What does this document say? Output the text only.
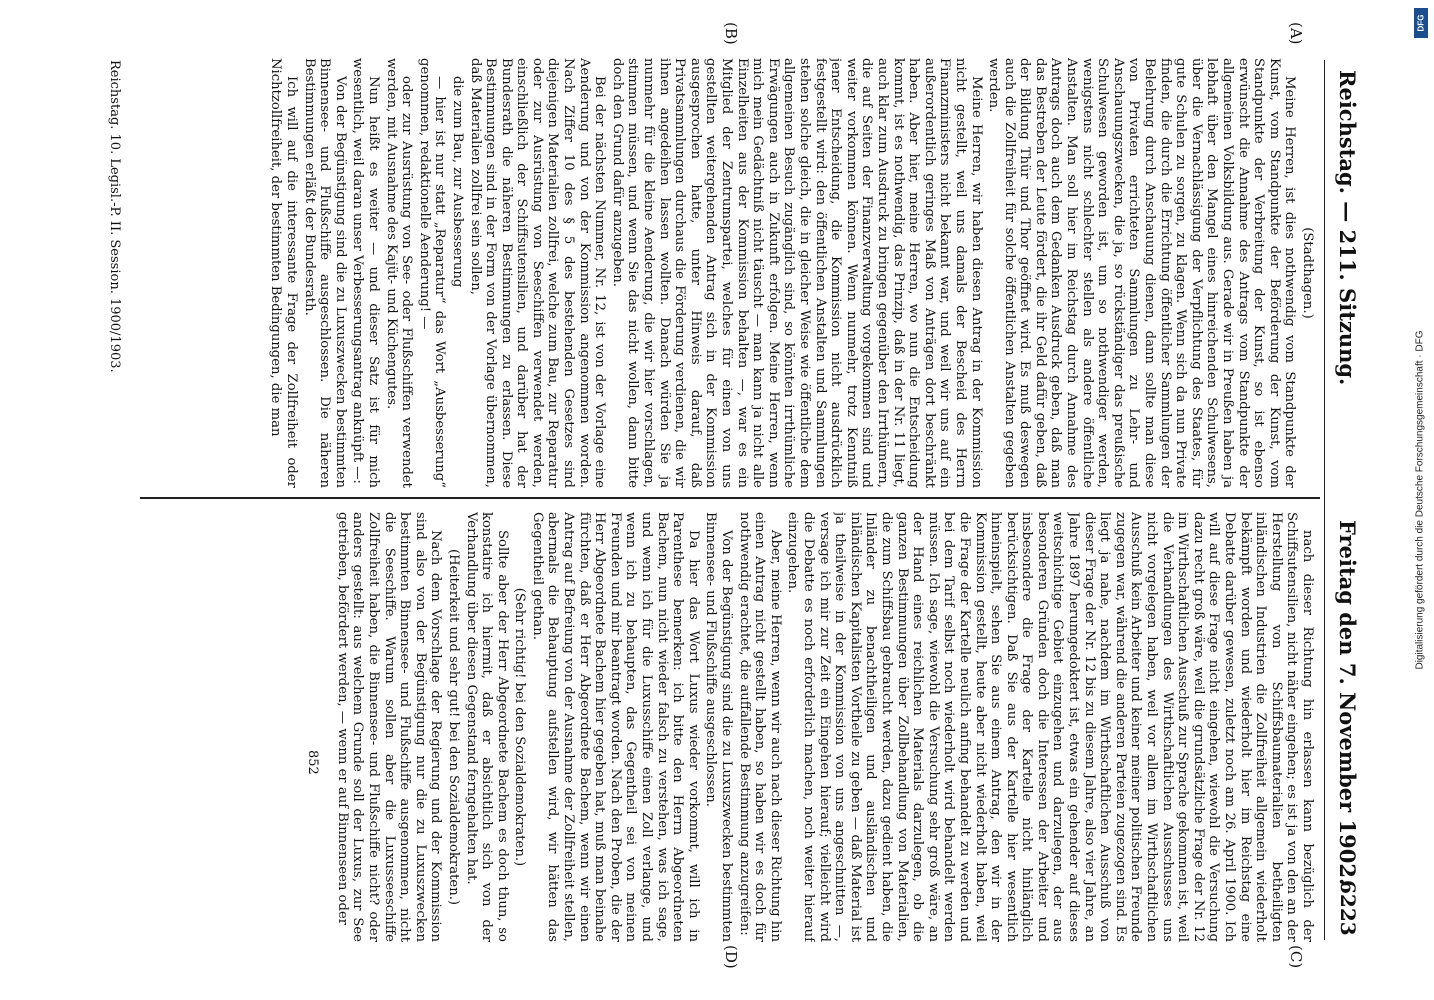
Reichstag. — 211. Sitzung.
Freitag den 7. November 1902.
6223
(A)
(B)
(C)
(D)

(Stadthagen.)

Meine Herren, ist dies nothwendig vom Standpunkte der Kunst, vom Standpunkte der Beförderung der Kunst, vom Standpunkte der Verbreitung der Kunst, so ist ebenso erwünscht die Annahme des Antrags vom Standpunkte der allgemeinen Volksbildung aus. Gerade wir in Preußen haben ja lebhaft über den Mangel eines hinreichenden Schulwesens, über die Vernachlässigung der Verpflichtung des Staates, für gute Schulen zu sorgen, zu klagen. Wenn sich da nun Private finden, die durch die Errichtung öffentlicher Sammlungen der Belehrung durch Anschauung dienen, dann sollte man diese von Privaten errichteten Sammlungen zu Lehr- und Anschauungszwecken, die ja, so rückständiger das preußische Schulwesen geworden ist, um so nothwendiger werden, wenigstens nicht schlechter stellen als andere öffentliche Anstalten. Man soll hier im Reichstag durch Annahme des Antrags doch auch dem Gedanken Ausdruck geben, daß man das Bestreben der Leute fördert, die ihr Geld dafür geben, daß der Bildung Thür und Thor geöffnet wird. Es muß deswegen auch die Zollfreiheit für solche öffentlichen Anstalten gegeben werden.

Meine Herren, wir haben diesen Antrag in der Kommission nicht gestellt, weil uns damals der Bescheid des Herrn Finanzministers nicht bekannt war, und weil wir uns auf ein außerordentlich geringes Maß von Anträgen dort beschränkt haben. Aber hier, meine Herren, wo nun die Entscheidung kommt, ist es nothwendig, das Prinzip, daß in der Nr. 11 liegt, auch klar zum Ausdruck zu bringen gegenüber den Irrthümern, die auf Seiten der Finanzverwaltung vorgekommen sind und weiter vorkommen können. Wenn nunmehr, trotz Kenntniß jener Entscheidung, die Kommission nicht ausdrücklich festgestellt wird: den öffentlichen Anstalten und Sammlungen stehen solche gleich, die in gleicher Weise wie öffentliche dem allgemeinen Besuch zugänglich sind, so könnten irrthümliche Erwägungen auch in Zukunft erfolgen. Meine Herren, wenn mich mein Gedächtniß nicht täuscht — man kann ja nicht alle Einzelheiten aus der Kommission behalten —, war es ein Mitglied der Zentrumspartei, welches für einen von uns gestellten weitergehenden Antrag sich in der Kommission ausgesprochen hatte, unter Hinweis darauf, daß Privatsammlungen durchaus die Förderung verdienen, die wir ihnen angedeihen lassen wollten. Danach würden Sie ja nunmehr für die kleine Aenderung, die wir hier vorschlagen, stimmen müssen, und wenn Sie das nicht wollen, dann bitte doch den Grund dafür anzugeben.

Bei der nächsten Nummer, Nr. 12, ist von der Vorlage eine Aenderung und von der Kommission angenommen worden. Nach Ziffer 10 des § 5 des bestehenden Gesetzes sind diejenigen Materialien zollfrei, welche zum Bau, zur Reparatur oder zur Ausrüstung von Seeschiffen verwendet werden, einschließlich der Schiffsutensilien, und darüber hat der Bundesrath die näheren Bestimmungen zu erlassen. Diese Bestimmungen sind in der Form von der Vorlage übernommen, daß Materialien zollfrei sein sollen,

die zum Bau, zur Ausbesserung

— hier ist nur statt „Reparatur“ das Wort „Ausbesserung“ genommen, redaktionelle Aenderung! —

oder zur Ausrüstung von See- oder Flußschiffen verwendet werden, mit Ausnahme des Kajüt- und Küchengutes.

Nun heißt es weiter — und dieser Satz ist für mich wesentlich, weil daran unser Verbesserungsantrag anknüpft —:

Von der Begünstigung sind die zu Luxuszwecken bestimmten Binnensee- und Flußschiffe ausgeschlossen. Die näheren Bestimmungen erläßt der Bundesrath.

Ich will auf die interessante Frage der Zollfreiheit oder Nichtzollfreiheit, der bestimmten Bedingungen, die man

nach dieser Richtung hin erlassen kann bezüglich der Schiffsutensilien, nicht näher eingehen; es ist ja von den an der Herstellung von Schiffsbaumaterialien betheiligten inländischen Industrien die Zollfreiheit allgemein wiederholt bekämpft worden und wiederholt hier im Reichstag eine Debatte darüber gewesen, zuletzt noch am 26. April 1900. Ich will auf diese Frage nicht eingehen, wiewohl die Versuchung dazu recht groß wäre, weil die grundsätzliche Frage der Nr. 12 im Wirthschaftlichen Ausschuß zur Sprache gekommen ist, weil die Verhandlungen des Wirthschaftlichen Ausschusses uns nicht vorgelegen haben, weil vor allem im Wirthschaftlichen Ausschuß kein Arbeiter und keiner meiner politischen Freunde zugegen war, während die anderen Parteien zugezogen sind. Es liegt ja nahe, nachdem im Wirthschaftlichen Ausschuß von dieser Frage der Nr. 12 bis zu diesem Jahre, also vier Jahre, an Jahre 1897 herumgedoktert ist, etwas ein gehender auf dieses weitschichtige Gebiet einzugehen und darzulegen, der aus besonderen Gründen doch die Interessen der Arbeiter und insbesondere die Frage der Kartelle nicht hinlänglich berücksichtigen. Daß Sie aus der Kartelle hier wesentlich hineinspielt, sehen Sie aus einem Antrag, den wir in der Kommission gestellt, heute aber nicht wiederholt haben, weil die Frage der Kartelle neulich anfing behandelt zu werden und bei dem Tarif selbst noch wiederholt wird behandelt werden müssen. Ich sage, wiewohl die Versuchung sehr groß wäre, an der Hand eines reichlichen Materials darzulegen, ob die ganzen Bestimmungen über Zollbehandlung von Materialien, die zum Schiffsbau gebraucht werden, dazu gedient haben, die Inländer zu benachtheiligen und ausländischen und inländischen Kapitalisten Vortheile zu geben — daß Material ist ja theilweise in der Kommission von uns angeschnitten —, versage ich mir zur Zeit ein Eingehen hierauf; vielleicht wird die Debatte es noch erforderlich machen, noch weiter hierauf einzugehen.

Aber, meine Herren, wenn wir auch nach dieser Richtung hin einen Antrag nicht gestellt haben, so haben wir es doch für nothwendig erachtet, die auffallende Bestimmung anzugreifen:

Von der Begünstigung sind die zu Luxuszwecken bestimmten Binnensee- und Flußschiffe ausgeschlossen.

Da hier das Wort Luxus wieder vorkommt, will ich in Parenthese bemerken: ich bitte den Herrn Abgeordneten Bachem, nun nicht wieder falsch zu verstehen, was ich sage, und wenn ich für die Luxusschiffe einen Zoll verlange, und wenn ich zu behaupten, das Gegentheil sei von meinen Freunden und mir beantragt worden. Nach den Proben, die der Herr Abgeordnete Bachem hier gegeben hat, muß man beinahe fürchten, daß er Herr Abgeordnete Bachem, wenn wir einen Antrag auf Befreiung von der Ausnahme der Zollfreiheit stellen, abermals die Behauptung aufstellen wird, wir hätten das Gegentheil gethan.

(Sehr richtig! bei den Sozialdemokraten.)

Sollte aber der Herr Abgeordnete Bachem es doch thun, so konstatire ich hiermit, daß er absichtlich sich von der Verhandlung über diesen Gegenstand ferngehalten hat.

(Heiterkeit und sehr gut! bei den Sozialdemokraten.)

Nach dem Vorschlage der Regierung und der Kommission sind also von der Begünstigung nur die zu Luxuszwecken bestimmten Binnensee- und Flußschiffe ausgenommen, nicht die Seeschiffe. Warum sollen aber die Luxusseeschiffe Zollfreiheit haben, die Binnensee- und Flußschiffe nicht? oder anders gestellt: aus welchem Grunde soll der Luxus, zur See getrieben, befördert werden, — wenn er auf Binnenseen oder

Reichstag. 10. Legisl.-P. II. Session. 1900/1903.
852
DFG
Digitalisierung gefördert durch die Deutsche Forschungsgemeinschaft · DFG
